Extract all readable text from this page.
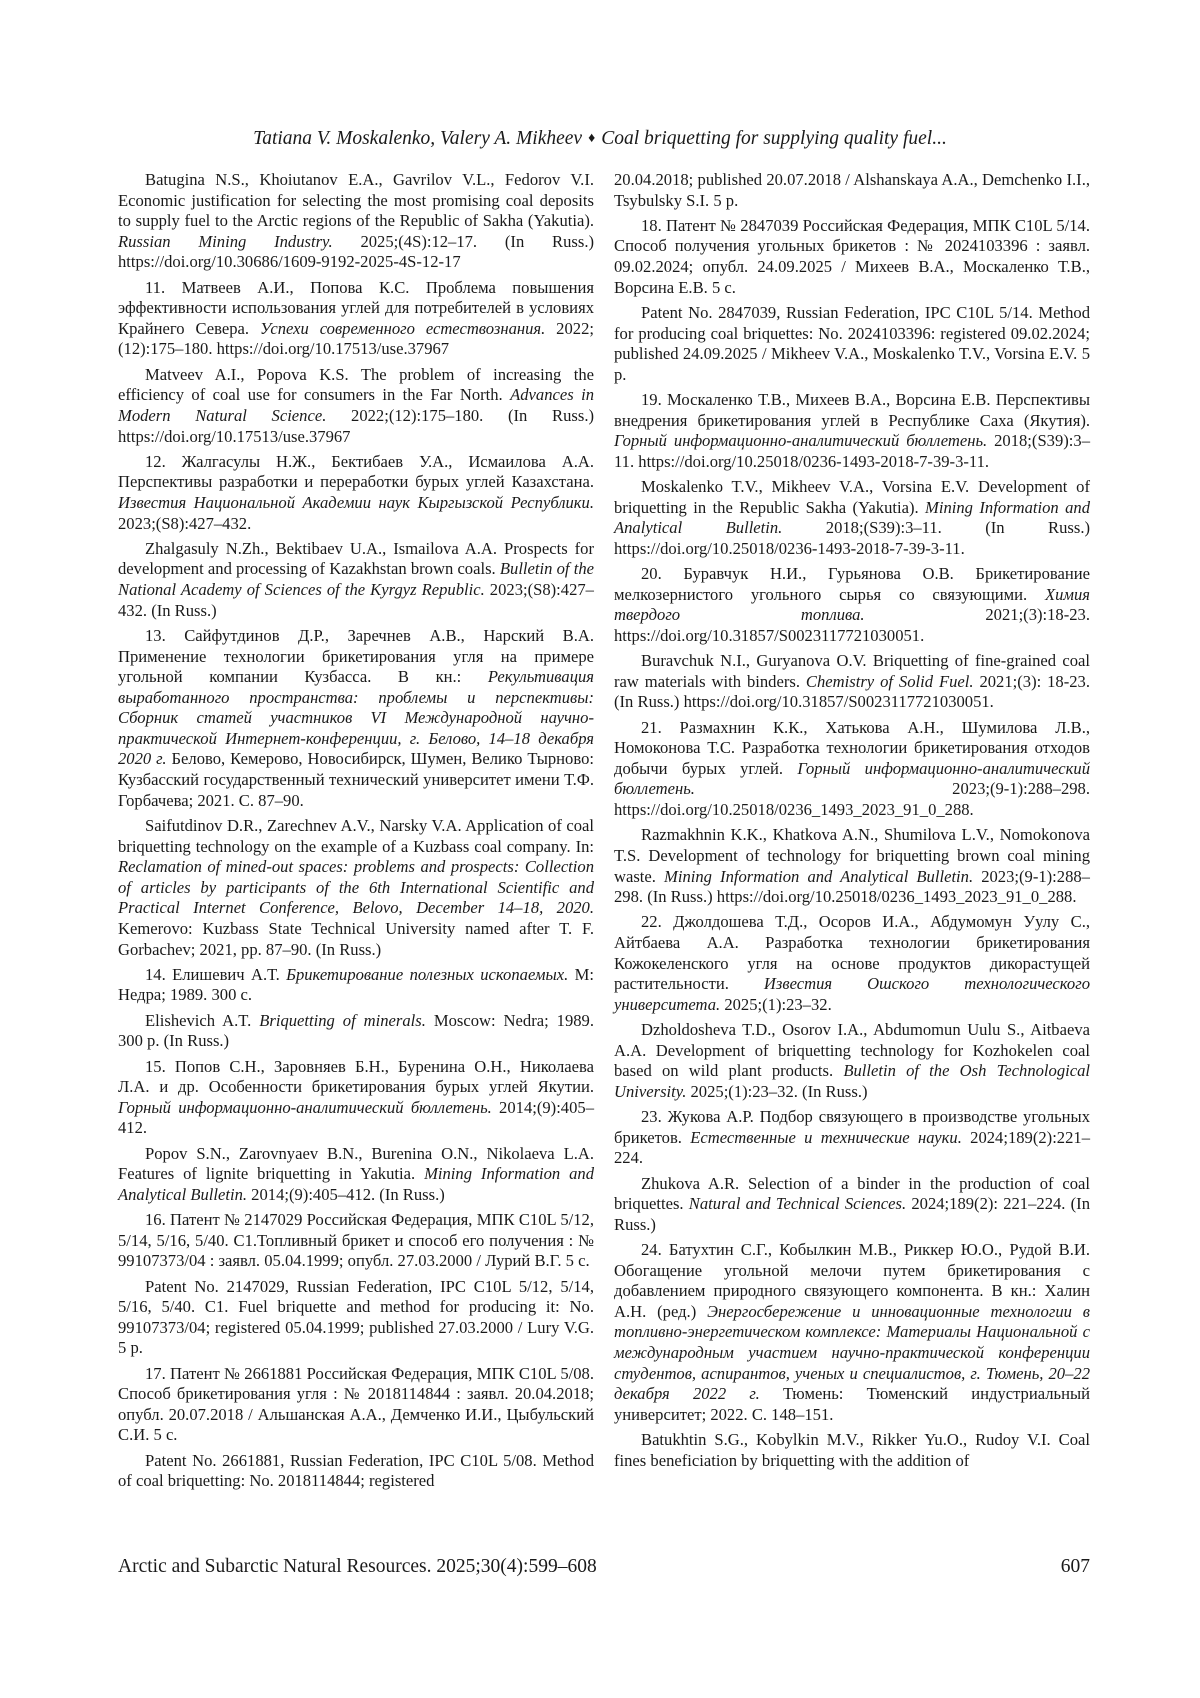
Tatiana V. Moskalenko, Valery A. Mikheev ♦ Coal briquetting for supplying quality fuel...

Batugina N.S., Khoiutanov E.A., Gavrilov V.L., Fedorov V.I. Economic justification for selecting the most promising coal deposits to supply fuel to the Arctic regions of the Republic of Sakha (Yakutia). Russian Mining Industry. 2025;(4S):12–17. (In Russ.) https://doi.org/10.30686/1609-9192-2025-4S-12-17

11. Матвеев А.И., Попова К.С. Проблема повышения эффективности использования углей для потребителей в условиях Крайнего Севера. Успехи современного естествознания. 2022;(12):175–180. https://doi.org/10.17513/use.37967

Matveev A.I., Popova K.S. The problem of increasing the efficiency of coal use for consumers in the Far North. Advances in Modern Natural Science. 2022;(12):175–180. (In Russ.) https://doi.org/10.17513/use.37967

12. Жалгасулы Н.Ж., Бектибаев У.А., Исмаилова А.А. Перспективы разработки и переработки бурых углей Казахстана. Известия Национальной Академии наук Кыргызской Республики. 2023;(S8):427–432.

Zhalgasuly N.Zh., Bektibaev U.A., Ismailova A.A. Prospects for development and processing of Kazakhstan brown coals. Bulletin of the National Academy of Sciences of the Kyrgyz Republic. 2023;(S8):427–432. (In Russ.)

13. Сайфутдинов Д.Р., Заречнев А.В., Нарский В.А. Применение технологии брикетирования угля на примере угольной компании Кузбасса. В кн.: Рекультивация выработанного пространства: проблемы и перспективы: Сборник статей участников VI Международной научно-практической Интернет-конференции, г. Белово, 14–18 декабря 2020 г. Белово, Кемерово, Новосибирск, Шумен, Велико Тырново: Кузбасский государственный технический университет имени Т.Ф. Горбачева; 2021. С. 87–90.

Saifutdinov D.R., Zarechnev A.V., Narsky V.A. Application of coal briquetting technology on the example of a Kuzbass coal company. In: Reclamation of mined-out spaces: problems and prospects: Collection of articles by participants of the 6th International Scientific and Practical Internet Conference, Belovo, December 14–18, 2020. Kemerovo: Kuzbass State Technical University named after T. F. Gorbachev; 2021, pp. 87–90. (In Russ.)

14. Елишевич А.Т. Брикетирование полезных ископаемых. М: Недра; 1989. 300 с.

Elishevich A.T. Briquetting of minerals. Moscow: Nedra; 1989. 300 p. (In Russ.)

15. Попов С.Н., Заровняев Б.Н., Буренина О.Н., Николаева Л.А. и др. Особенности брикетирования бурых углей Якутии. Горный информационно-аналитический бюллетень. 2014;(9):405–412.

Popov S.N., Zarovnyaev B.N., Burenina O.N., Nikolaeva L.A. Features of lignite briquetting in Yakutia. Mining Information and Analytical Bulletin. 2014;(9):405–412. (In Russ.)

16. Патент № 2147029 Российская Федерация, МПК C10L 5/12, 5/14, 5/16, 5/40. C1.Топливный брикет и способ его получения : № 99107373/04 : заявл. 05.04.1999; опубл. 27.03.2000 / Лурий В.Г. 5 с.

Patent No. 2147029, Russian Federation, IPC C10L 5/12, 5/14, 5/16, 5/40. C1. Fuel briquette and method for producing it: No. 99107373/04; registered 05.04.1999; published 27.03.2000 / Lury V.G. 5 p.

17. Патент № 2661881 Российская Федерация, МПК C10L 5/08. Способ брикетирования угля : № 2018114844 : заявл. 20.04.2018; опубл. 20.07.2018 / Альшанская А.А., Демченко И.И., Цыбульский С.И. 5 с.

Patent No. 2661881, Russian Federation, IPC C10L 5/08. Method of coal briquetting: No. 2018114844; registered

20.04.2018; published 20.07.2018 / Alshanskaya A.A., Demchenko I.I., Tsybulsky S.I. 5 p.

18. Патент № 2847039 Российская Федерация, МПК C10L 5/14. Способ получения угольных брикетов : № 2024103396 : заявл. 09.02.2024; опубл. 24.09.2025 / Михеев В.А., Москаленко Т.В., Ворсина Е.В. 5 с.

Patent No. 2847039, Russian Federation, IPC C10L 5/14. Method for producing coal briquettes: No. 2024103396: registered 09.02.2024; published 24.09.2025 / Mikheev V.A., Moskalenko T.V., Vorsina E.V. 5 p.

19. Москаленко Т.В., Михеев В.А., Ворсина Е.В. Перспективы внедрения брикетирования углей в Республике Саха (Якутия). Горный информационно-аналитический бюллетень. 2018;(S39):3–11. https://doi.org/10.25018/0236-1493-2018-7-39-3-11.

Moskalenko T.V., Mikheev V.A., Vorsina E.V. Development of briquetting in the Republic Sakha (Yakutia). Mining Information and Analytical Bulletin. 2018;(S39):3–11. (In Russ.) https://doi.org/10.25018/0236-1493-2018-7-39-3-11.

20. Буравчук Н.И., Гурьянова О.В. Брикетирование мелкозернистого угольного сырья со связующими. Химия твердого топлива. 2021;(3):18-23. https://doi.org/10.31857/S0023117721030051.

Buravchuk N.I., Guryanova O.V. Briquetting of fine-grained coal raw materials with binders. Chemistry of Solid Fuel. 2021;(3): 18-23. (In Russ.) https://doi.org/10.31857/S0023117721030051.

21. Размахнин К.К., Хатькова А.Н., Шумилова Л.В., Номоконова Т.С. Разработка технологии брикетирования отходов добычи бурых углей. Горный информационно-аналитический бюллетень. 2023;(9-1):288–298. https://doi.org/10.25018/0236_1493_2023_91_0_288.

Razmakhnin K.K., Khatkova A.N., Shumilova L.V., Nomokonova T.S. Development of technology for briquetting brown coal mining waste. Mining Information and Analytical Bulletin. 2023;(9-1):288–298. (In Russ.) https://doi.org/10.25018/0236_1493_2023_91_0_288.

22. Джолдошева Т.Д., Осоров И.А., Абдумомун Уулу С., Айтбаева А.А. Разработка технологии брикетирования Кожокеленского угля на основе продуктов дикорастущей растительности. Известия Ошского технологического университета. 2025;(1):23–32.

Dzholdosheva T.D., Osorov I.A., Abdumomun Uulu S., Aitbaeva A.A. Development of briquetting technology for Kozhokelen coal based on wild plant products. Bulletin of the Osh Technological University. 2025;(1):23–32. (In Russ.)

23. Жукова А.Р. Подбор связующего в производстве угольных брикетов. Естественные и технические науки. 2024;189(2):221–224.

Zhukova A.R. Selection of a binder in the production of coal briquettes. Natural and Technical Sciences. 2024;189(2): 221–224. (In Russ.)

24. Батухтин С.Г., Кобылкин М.В., Риккер Ю.О., Рудой В.И. Обогащение угольной мелочи путем брикетирования с добавлением природного связующего компонента. В кн.: Халин А.Н. (ред.) Энергосбережение и инновационные технологии в топливно-энергетическом комплексе: Материалы Национальной с международным участием научно-практической конференции студентов, аспирантов, ученых и специалистов, г. Тюмень, 20–22 декабря 2022 г. Тюмень: Тюменский индустриальный университет; 2022. С. 148–151.

Batukhtin S.G., Kobylkin M.V., Rikker Yu.O., Rudoy V.I. Coal fines beneficiation by briquetting with the addition of

Arctic and Subarctic Natural Resources. 2025;30(4):599–608	607
